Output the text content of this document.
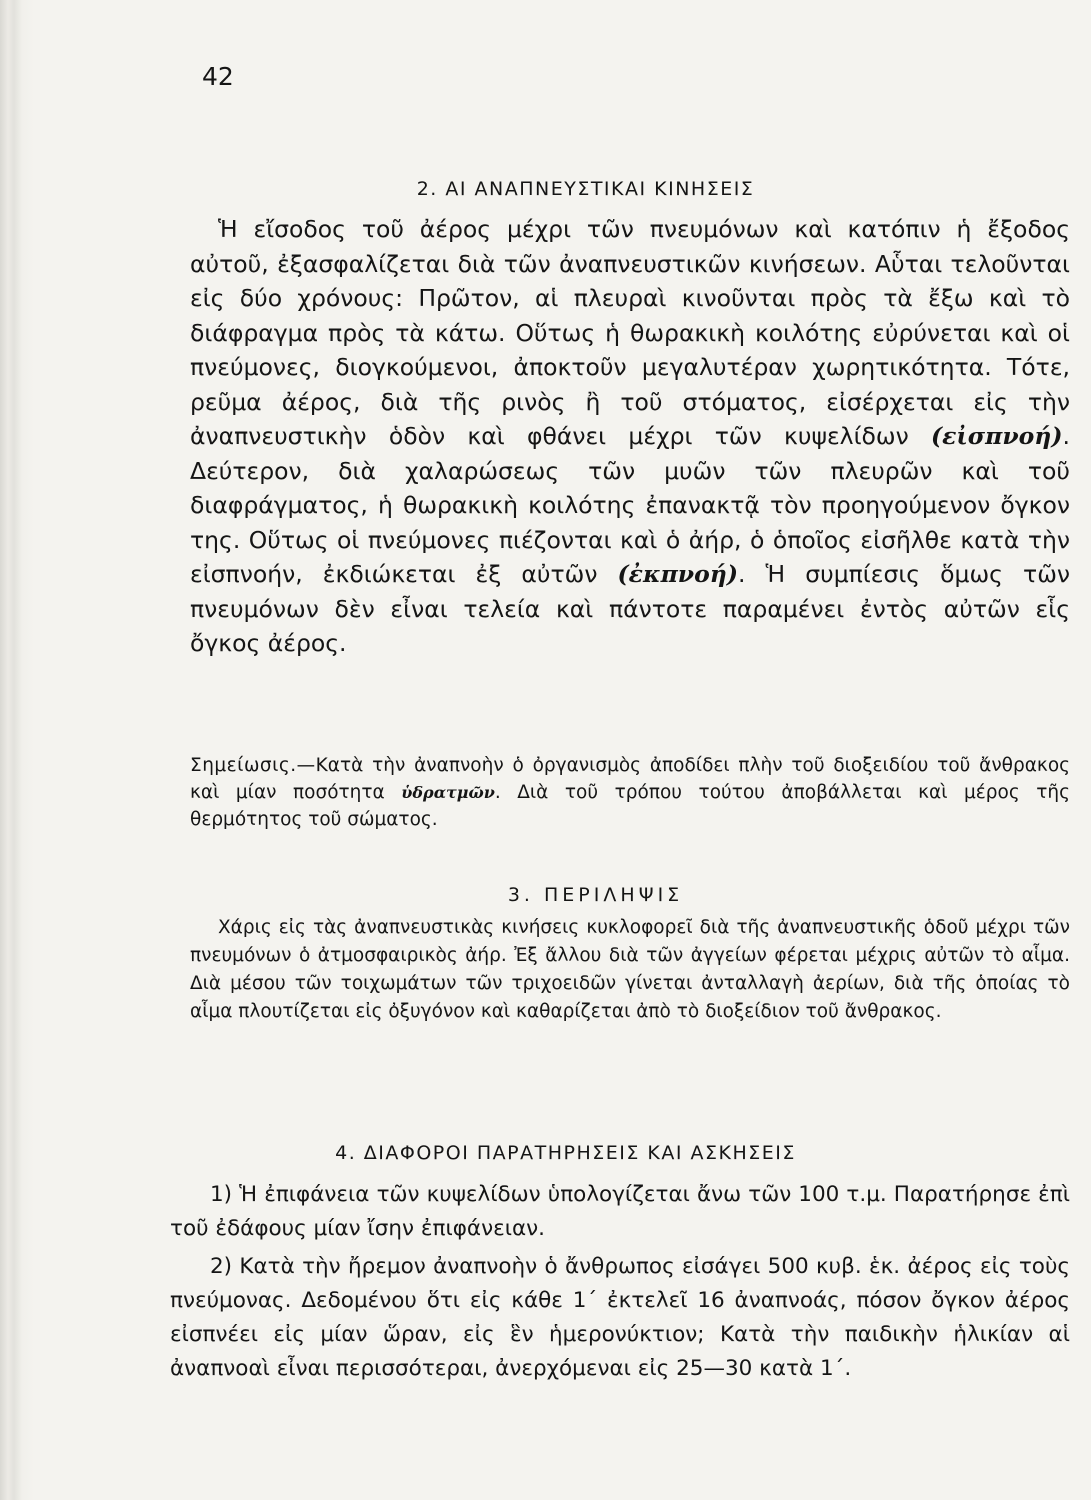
42
2. ΑΙ ΑΝΑΠΝΕΥΣΤΙΚΑΙ ΚΙΝΗΣΕΙΣ

Ἡ εἴσοδος τοῦ ἀέρος μέχρι τῶν πνευμόνων καὶ κατόπιν ἡ ἔξοδος αὐτοῦ, ἐξασφαλίζεται διὰ τῶν ἀναπνευστικῶν κινήσεων. Αὗται τελοῦνται εἰς δύο χρόνους: Πρῶτον, αἱ πλευραὶ κινοῦνται πρὸς τὰ ἔξω καὶ τὸ διάφραγμα πρὸς τὰ κάτω. Οὕτως ἡ θωρακικὴ κοιλότης εὐρύνεται καὶ οἱ πνεύμονες, διογκούμενοι, ἀποκτοῦν μεγαλυτέραν χωρητικότητα. Τότε, ρεῦμα ἀέρος, διὰ τῆς ρινὸς ἢ τοῦ στόματος, εἰσέρχεται εἰς τὴν ἀναπνευστικὴν ὁδὸν καὶ φθάνει μέχρι τῶν κυψελίδων (εἰσπνοή). Δεύτερον, διὰ χαλαρώσεως τῶν μυῶν τῶν πλευρῶν καὶ τοῦ διαφράγματος, ἡ θωρακικὴ κοιλότης ἐπανακτᾷ τὸν προηγούμενον ὄγκον της. Οὕτως οἱ πνεύμονες πιέζονται καὶ ὁ ἀήρ, ὁ ὁποῖος εἰσῆλθε κατὰ τὴν εἰσπνοήν, ἐκδιώκεται ἐξ αὐτῶν (ἐκπνοή). Ἡ συμπίεσις ὅμως τῶν πνευμόνων δὲν εἶναι τελεία καὶ πάντοτε παραμένει ἐντὸς αὐτῶν εἷς ὄγκος ἀέρος.

Σημείωσις.—Κατὰ τὴν ἀναπνοὴν ὁ ὀργανισμὸς ἀποδίδει πλὴν τοῦ διοξειδίου τοῦ ἄνθρακος καὶ μίαν ποσότητα ὑδρατμῶν. Διὰ τοῦ τρόπου τούτου ἀποβάλλεται καὶ μέρος τῆς θερμότητος τοῦ σώματος.

3. ΠΕΡΙΛΗΨΙΣ

Χάρις εἰς τὰς ἀναπνευστικὰς κινήσεις κυκλοφορεῖ διὰ τῆς ἀναπνευστικῆς ὁδοῦ μέχρι τῶν πνευμόνων ὁ ἀτμοσφαιρικὸς ἀήρ. Ἐξ ἄλλου διὰ τῶν ἀγγείων φέρεται μέχρις αὐτῶν τὸ αἷμα. Διὰ μέσου τῶν τοιχωμάτων τῶν τριχοειδῶν γίνεται ἀνταλλαγὴ ἀερίων, διὰ τῆς ὁποίας τὸ αἷμα πλουτίζεται εἰς ὀξυγόνον καὶ καθαρίζεται ἀπὸ τὸ διοξείδιον τοῦ ἄνθρακος.

4. ΔΙΑΦΟΡΟΙ ΠΑΡΑΤΗΡΗΣΕΙΣ ΚΑΙ ΑΣΚΗΣΕΙΣ

1) Ἡ ἐπιφάνεια τῶν κυψελίδων ὑπολογίζεται ἄνω τῶν 100 τ.μ. Παρατήρησε ἐπὶ τοῦ ἐδάφους μίαν ἴσην ἐπιφάνειαν.

2) Κατὰ τὴν ἤρεμον ἀναπνοὴν ὁ ἄνθρωπος εἰσάγει 500 κυβ. ἑκ. ἀέρος εἰς τοὺς πνεύμονας. Δεδομένου ὅτι εἰς κάθε 1΄ ἐκτελεῖ 16 ἀναπνοάς, πόσον ὄγκον ἀέρος εἰσπνέει εἰς μίαν ὥραν, εἰς ἓν ἡμερονύκτιον; Κατὰ τὴν παιδικὴν ἡλικίαν αἱ ἀναπνοαὶ εἶναι περισσότεραι, ἀνερχόμεναι εἰς 25—30 κατὰ 1΄.
